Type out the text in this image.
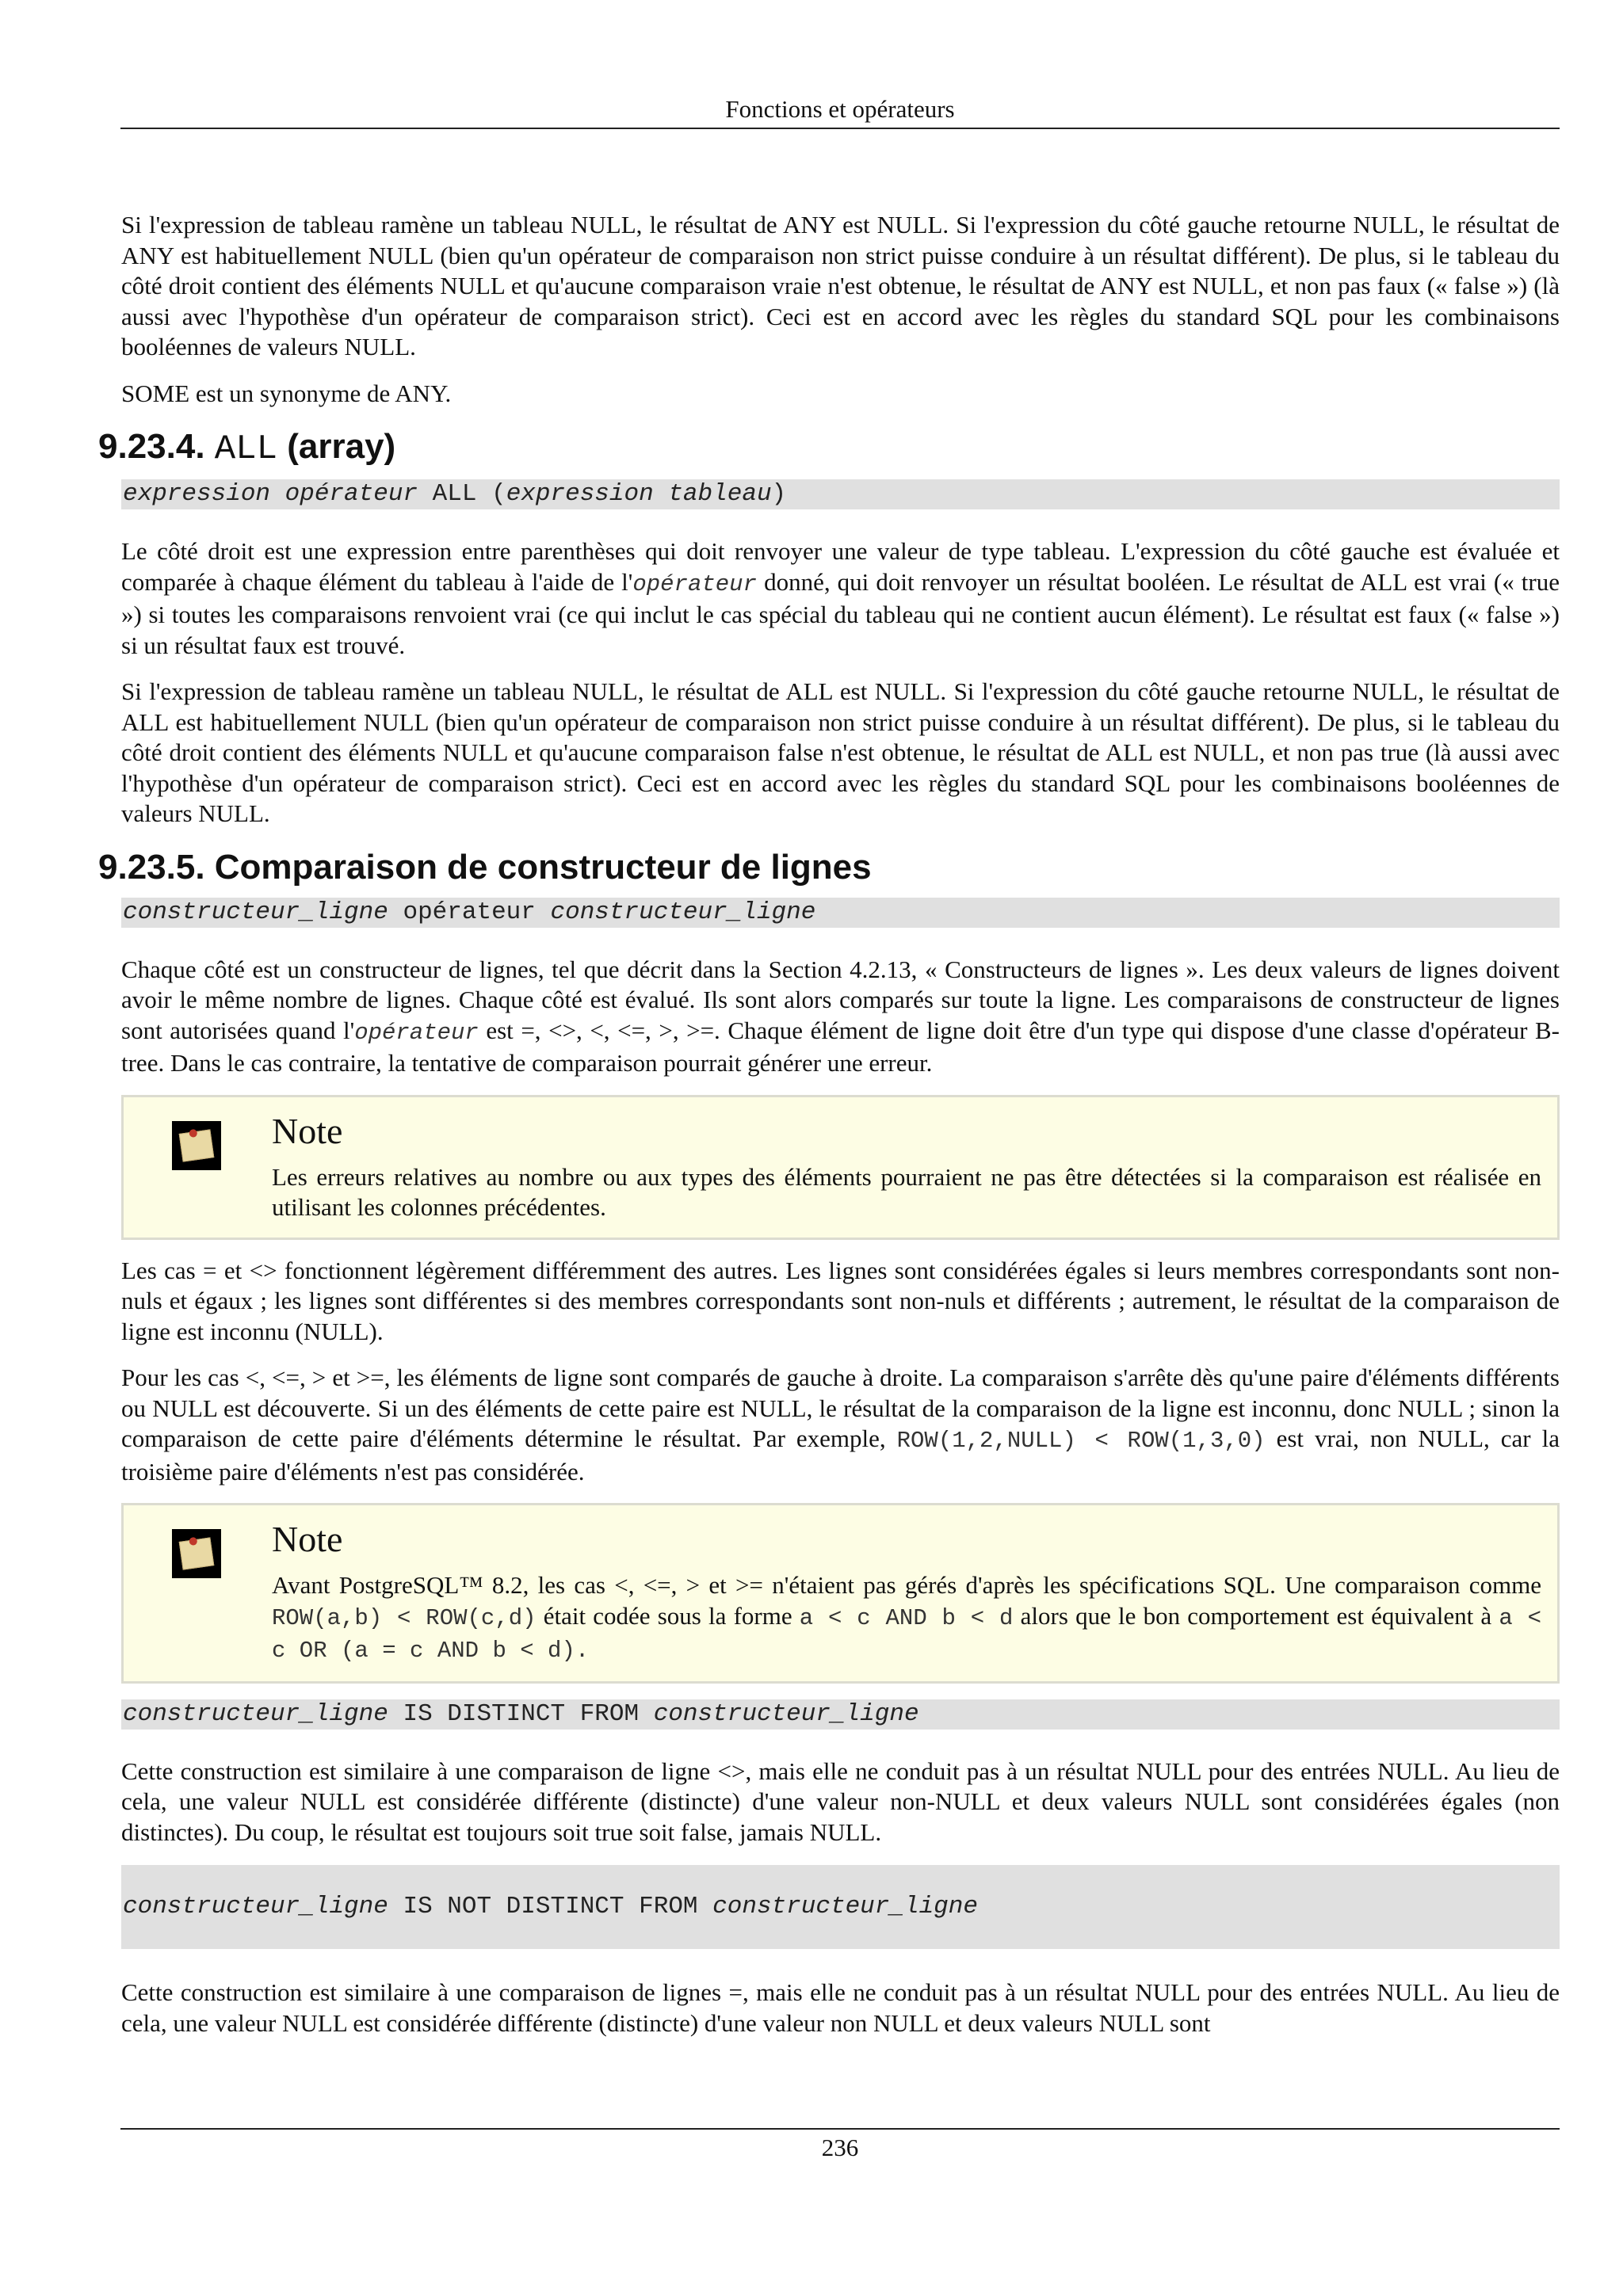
Fonctions et opérateurs

Si l'expression de tableau ramène un tableau NULL, le résultat de ANY est NULL. Si l'expression du côté gauche retourne NULL, le résultat de ANY est habituellement NULL (bien qu'un opérateur de comparaison non strict puisse conduire à un résultat différent). De plus, si le tableau du côté droit contient des éléments NULL et qu'aucune comparaison vraie n'est obtenue, le résultat de ANY est NULL, et non pas faux (« false ») (là aussi avec l'hypothèse d'un opérateur de comparaison strict). Ceci est en accord avec les règles du standard SQL pour les combinaisons booléennes de valeurs NULL.

SOME est un synonyme de ANY.

9.23.4. ALL (array)
expression opérateur ALL (expression tableau)

Le côté droit est une expression entre parenthèses qui doit renvoyer une valeur de type tableau. L'expression du côté gauche est évaluée et comparée à chaque élément du tableau à l'aide de l'opérateur donné, qui doit renvoyer un résultat booléen. Le résultat de ALL est vrai (« true ») si toutes les comparaisons renvoient vrai (ce qui inclut le cas spécial du tableau qui ne contient aucun élément). Le résultat est faux (« false ») si un résultat faux est trouvé.

Si l'expression de tableau ramène un tableau NULL, le résultat de ALL est NULL. Si l'expression du côté gauche retourne NULL, le résultat de ALL est habituellement NULL (bien qu'un opérateur de comparaison non strict puisse conduire à un résultat différent). De plus, si le tableau du côté droit contient des éléments NULL et qu'aucune comparaison false n'est obtenue, le résultat de ALL est NULL, et non pas true (là aussi avec l'hypothèse d'un opérateur de comparaison strict). Ceci est en accord avec les règles du standard SQL pour les combinaisons booléennes de valeurs NULL.

9.23.5. Comparaison de constructeur de lignes
constructeur_ligne opérateur constructeur_ligne

Chaque côté est un constructeur de lignes, tel que décrit dans la Section 4.2.13, « Constructeurs de lignes ». Les deux valeurs de lignes doivent avoir le même nombre de lignes. Chaque côté est évalué. Ils sont alors comparés sur toute la ligne. Les comparaisons de constructeur de lignes sont autorisées quand l'opérateur est =, <>, <, <=, >, >=. Chaque élément de ligne doit être d'un type qui dispose d'une classe d'opérateur B-tree. Dans le cas contraire, la tentative de comparaison pourrait générer une erreur.

Note

Les erreurs relatives au nombre ou aux types des éléments pourraient ne pas être détectées si la comparaison est réalisée en utilisant les colonnes précédentes.

Les cas = et <> fonctionnent légèrement différemment des autres. Les lignes sont considérées égales si leurs membres correspondants sont non-nuls et égaux ; les lignes sont différentes si des membres correspondants sont non-nuls et différents ; autrement, le résultat de la comparaison de ligne est inconnu (NULL).

Pour les cas <, <=, > et >=, les éléments de ligne sont comparés de gauche à droite. La comparaison s'arrête dès qu'une paire d'éléments différents ou NULL est découverte. Si un des éléments de cette paire est NULL, le résultat de la comparaison de la ligne est inconnu, donc NULL ; sinon la comparaison de cette paire d'éléments détermine le résultat. Par exemple, ROW(1,2,NULL) < ROW(1,3,0) est vrai, non NULL, car la troisième paire d'éléments n'est pas considérée.

Note

Avant PostgreSQL™ 8.2, les cas <, <=, > et >= n'étaient pas gérés d'après les spécifications SQL. Une comparaison comme ROW(a,b) < ROW(c,d) était codée sous la forme a < c AND b < d alors que le bon comportement est équivalent à a < c OR (a = c AND b < d).

constructeur_ligne IS DISTINCT FROM constructeur_ligne

Cette construction est similaire à une comparaison de ligne <>, mais elle ne conduit pas à un résultat NULL pour des entrées NULL. Au lieu de cela, une valeur NULL est considérée différente (distincte) d'une valeur non-NULL et deux valeurs NULL sont considérées égales (non distinctes). Du coup, le résultat est toujours soit true soit false, jamais NULL.

constructeur_ligne IS NOT DISTINCT FROM constructeur_ligne

Cette construction est similaire à une comparaison de lignes =, mais elle ne conduit pas à un résultat NULL pour des entrées NULL. Au lieu de cela, une valeur NULL est considérée différente (distincte) d'une valeur non NULL et deux valeurs NULL sont

236
